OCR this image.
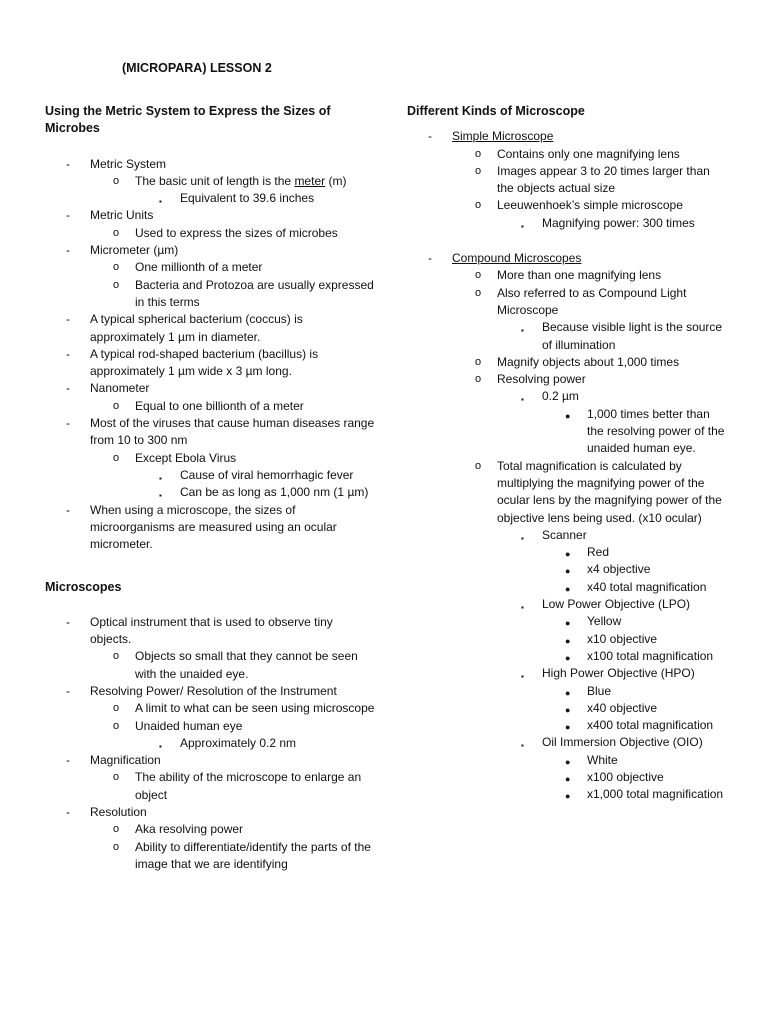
(MICROPARA) LESSON 2
Using the Metric System to Express the Sizes of Microbes
- Metric System
o The basic unit of length is the meter (m)
▪ Equivalent to 39.6 inches
- Metric Units
o Used to express the sizes of microbes
- Micrometer (µm)
o One millionth of a meter
o Bacteria and Protozoa are usually expressed in this terms
- A typical spherical bacterium (coccus) is approximately 1 µm in diameter.
- A typical rod-shaped bacterium (bacillus) is approximately 1 µm wide x 3 µm long.
- Nanometer
o Equal to one billionth of a meter
- Most of the viruses that cause human diseases range from 10 to 300 nm
o Except Ebola Virus
▪ Cause of viral hemorrhagic fever
▪ Can be as long as 1,000 nm (1 µm)
- When using a microscope, the sizes of microorganisms are measured using an ocular micrometer.
Microscopes
- Optical instrument that is used to observe tiny objects.
o Objects so small that they cannot be seen with the unaided eye.
- Resolving Power/ Resolution of the Instrument
o A limit to what can be seen using microscope
o Unaided human eye
▪ Approximately 0.2 nm
- Magnification
o The ability of the microscope to enlarge an object
- Resolution
o Aka resolving power
o Ability to differentiate/identify the parts of the image that we are identifying
Different Kinds of Microscope
- Simple Microscope
o Contains only one magnifying lens
o Images appear 3 to 20 times larger than the objects actual size
o Leeuwenhoek’s simple microscope
▪ Magnifying power: 300 times
- Compound Microscopes
o More than one magnifying lens
o Also referred to as Compound Light Microscope
▪ Because visible light is the source of illumination
o Magnify objects about 1,000 times
o Resolving power
▪ 0.2 µm
● 1,000 times better than the resolving power of the unaided human eye.
o Total magnification is calculated by multiplying the magnifying power of the ocular lens by the magnifying power of the objective lens being used. (x10 ocular)
▪ Scanner
● Red
● x4 objective
● x40 total magnification
▪ Low Power Objective (LPO)
● Yellow
● x10 objective
● x100 total magnification
▪ High Power Objective (HPO)
● Blue
● x40 objective
● x400 total magnification
▪ Oil Immersion Objective (OIO)
● White
● x100 objective
● x1,000 total magnification
